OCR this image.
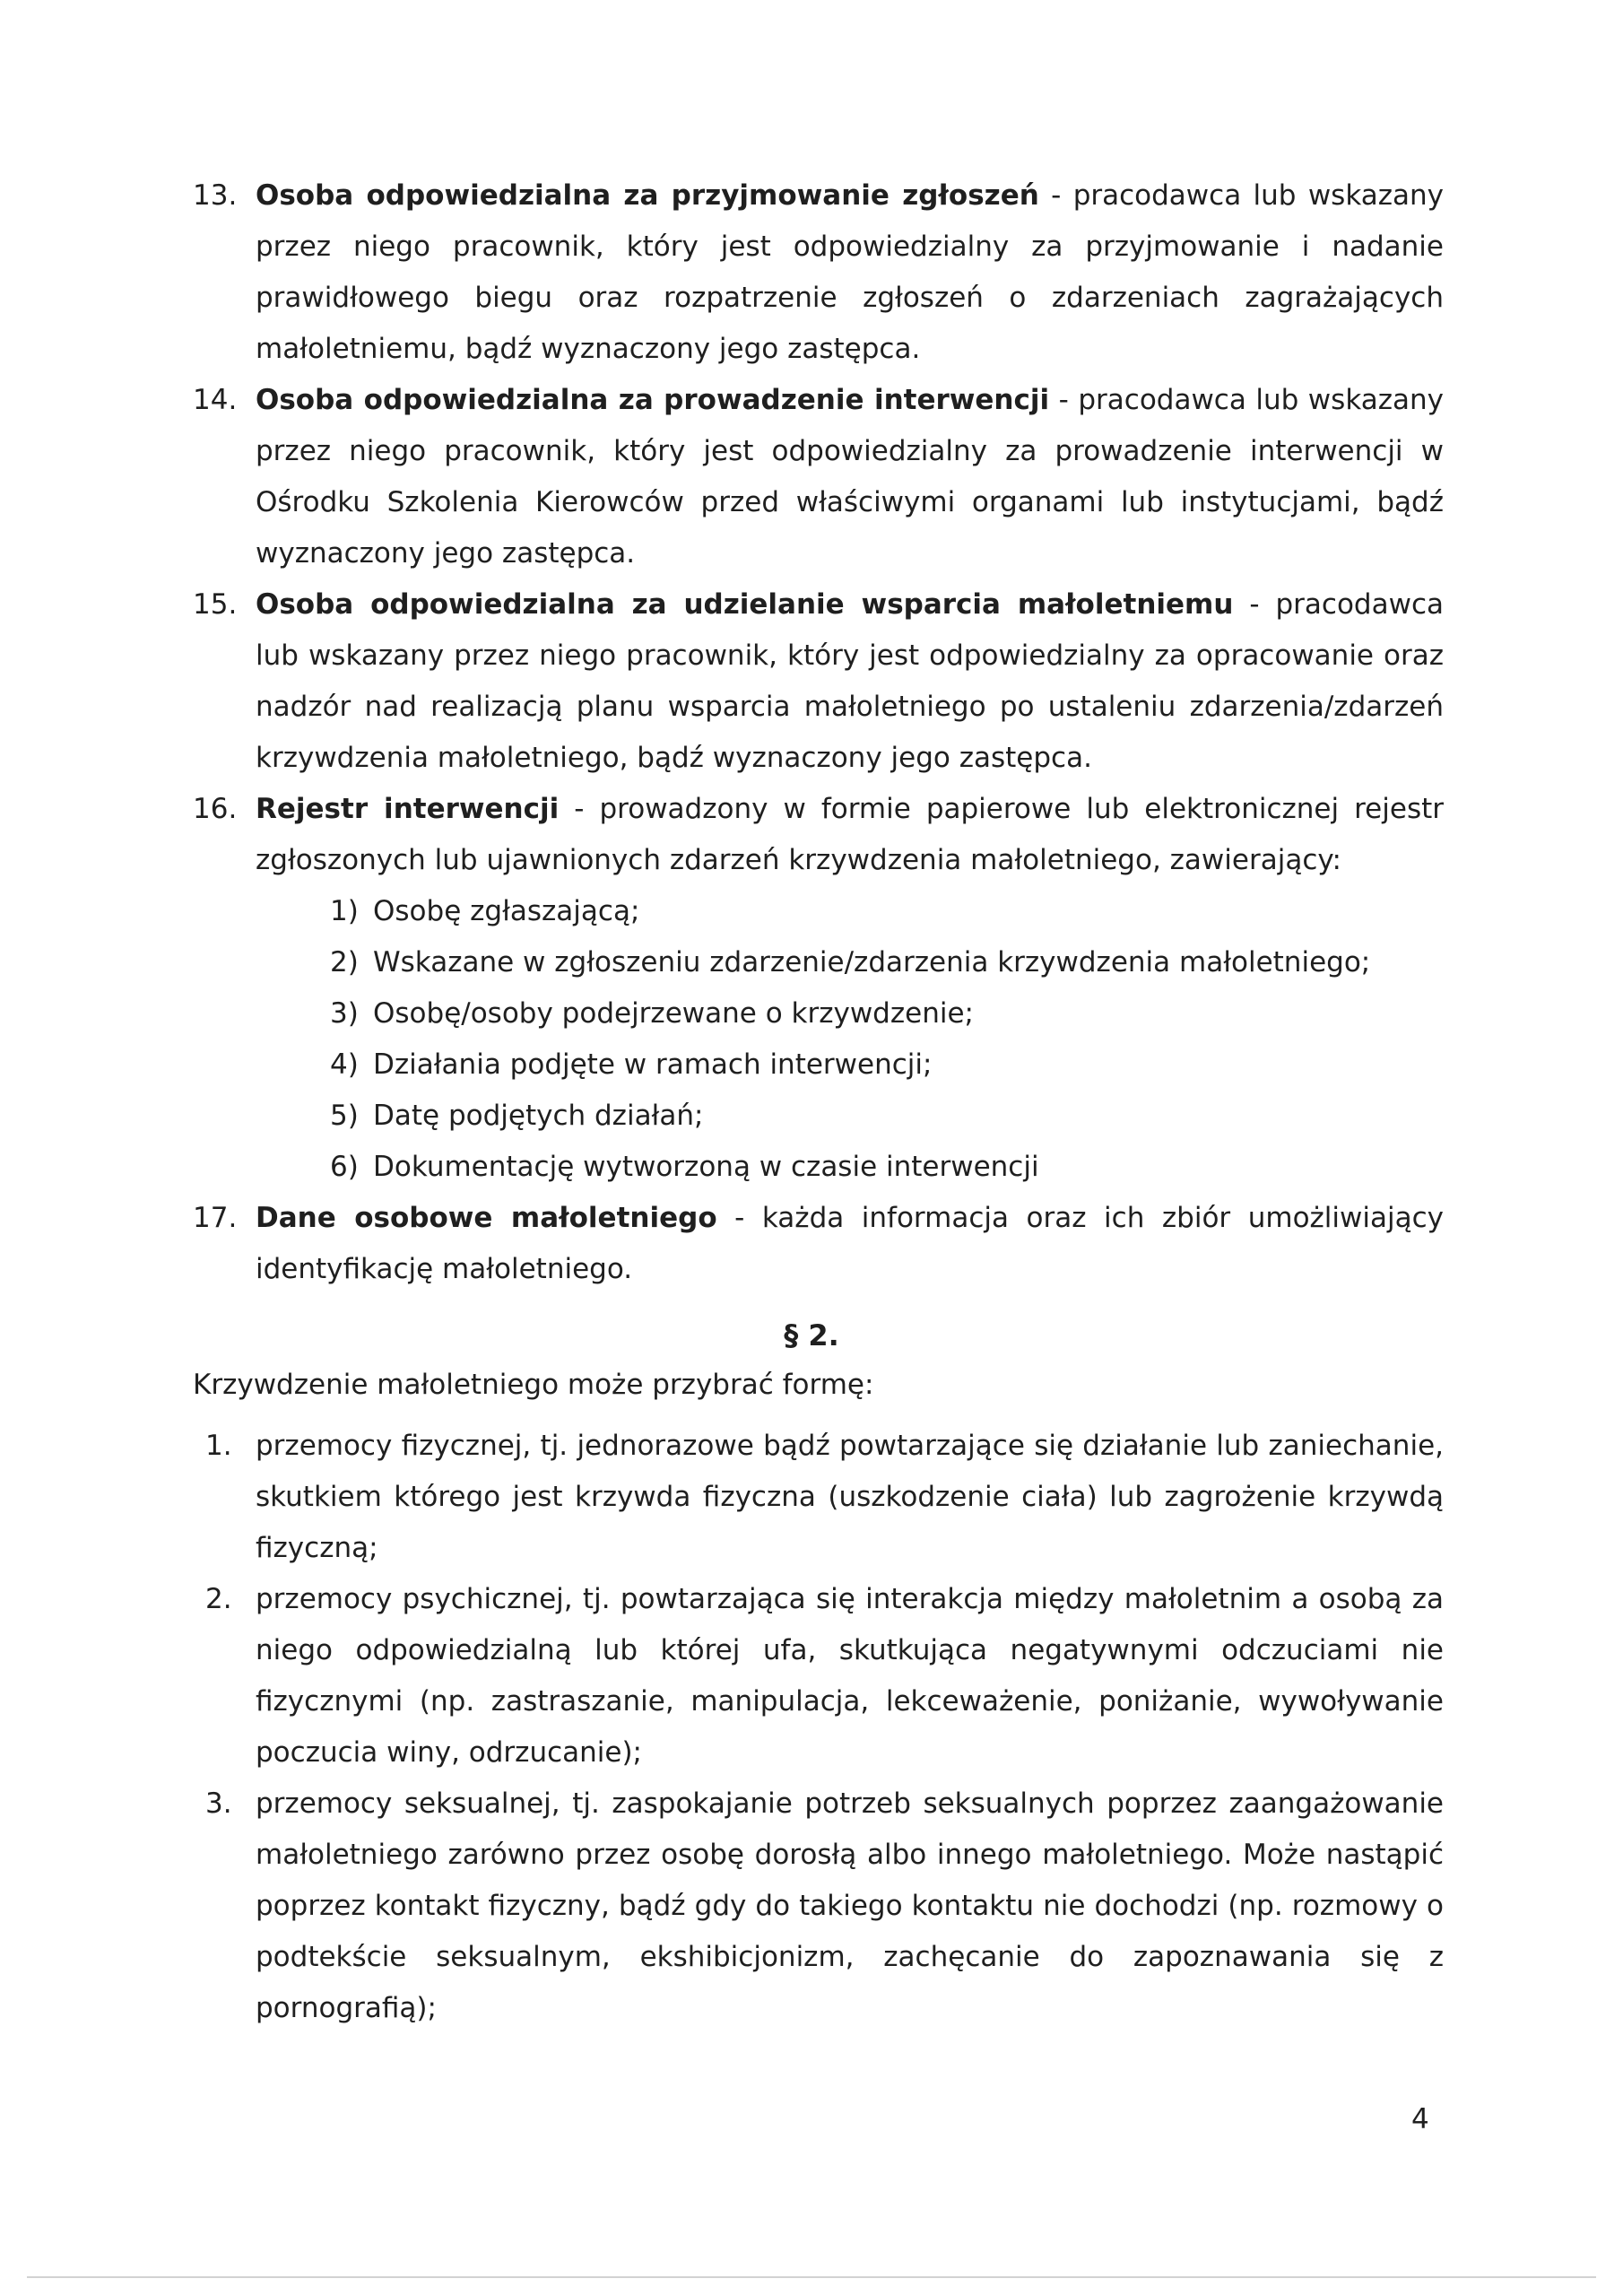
13. Osoba odpowiedzialna za przyjmowanie zgłoszeń - pracodawca lub wskazany przez niego pracownik, który jest odpowiedzialny za przyjmowanie i nadanie prawidłowego biegu oraz rozpatrzenie zgłoszeń o zdarzeniach zagrażających małoletniemu, bądź wyznaczony jego zastępca.
14. Osoba odpowiedzialna za prowadzenie interwencji - pracodawca lub wskazany przez niego pracownik, który jest odpowiedzialny za prowadzenie interwencji w Ośrodku Szkolenia Kierowców przed właściwymi organami lub instytucjami, bądź wyznaczony jego zastępca.
15. Osoba odpowiedzialna za udzielanie wsparcia małoletniemu - pracodawca lub wskazany przez niego pracownik, który jest odpowiedzialny za opracowanie oraz nadzór nad realizacją planu wsparcia małoletniego po ustaleniu zdarzenia/zdarzeń krzywdzenia małoletniego, bądź wyznaczony jego zastępca.
16. Rejestr interwencji - prowadzony w formie papierowe lub elektronicznej rejestr zgłoszonych lub ujawnionych zdarzeń krzywdzenia małoletniego, zawierający:
1) Osobę zgłaszającą;
2) Wskazane w zgłoszeniu zdarzenie/zdarzenia krzywdzenia małoletniego;
3) Osobę/osoby podejrzewane o krzywdzenie;
4) Działania podjęte w ramach interwencji;
5) Datę podjętych działań;
6) Dokumentację wytworzoną w czasie interwencji
17. Dane osobowe małoletniego - każda informacja oraz ich zbiór umożliwiający identyfikację małoletniego.
§ 2.
Krzywdzenie małoletniego może przybrać formę:
1. przemocy fizycznej, tj. jednorazowe bądź powtarzające się działanie lub zaniechanie, skutkiem którego jest krzywda fizyczna (uszkodzenie ciała) lub zagrożenie krzywdą fizyczną;
2. przemocy psychicznej, tj. powtarzająca się interakcja między małoletnim a osobą za niego odpowiedzialną lub której ufa, skutkująca negatywnymi odczuciami nie fizycznymi (np. zastraszanie, manipulacja, lekceważenie, poniżanie, wywoływanie poczucia winy, odrzucanie);
3. przemocy seksualnej, tj. zaspokajanie potrzeb seksualnych poprzez zaangażowanie małoletniego zarówno przez osobę dorosłą albo innego małoletniego. Może nastąpić poprzez kontakt fizyczny, bądź gdy do takiego kontaktu nie dochodzi (np. rozmowy o podtekście seksualnym, ekshibicjonizm, zachęcanie do zapoznawania się z pornografią);
4
